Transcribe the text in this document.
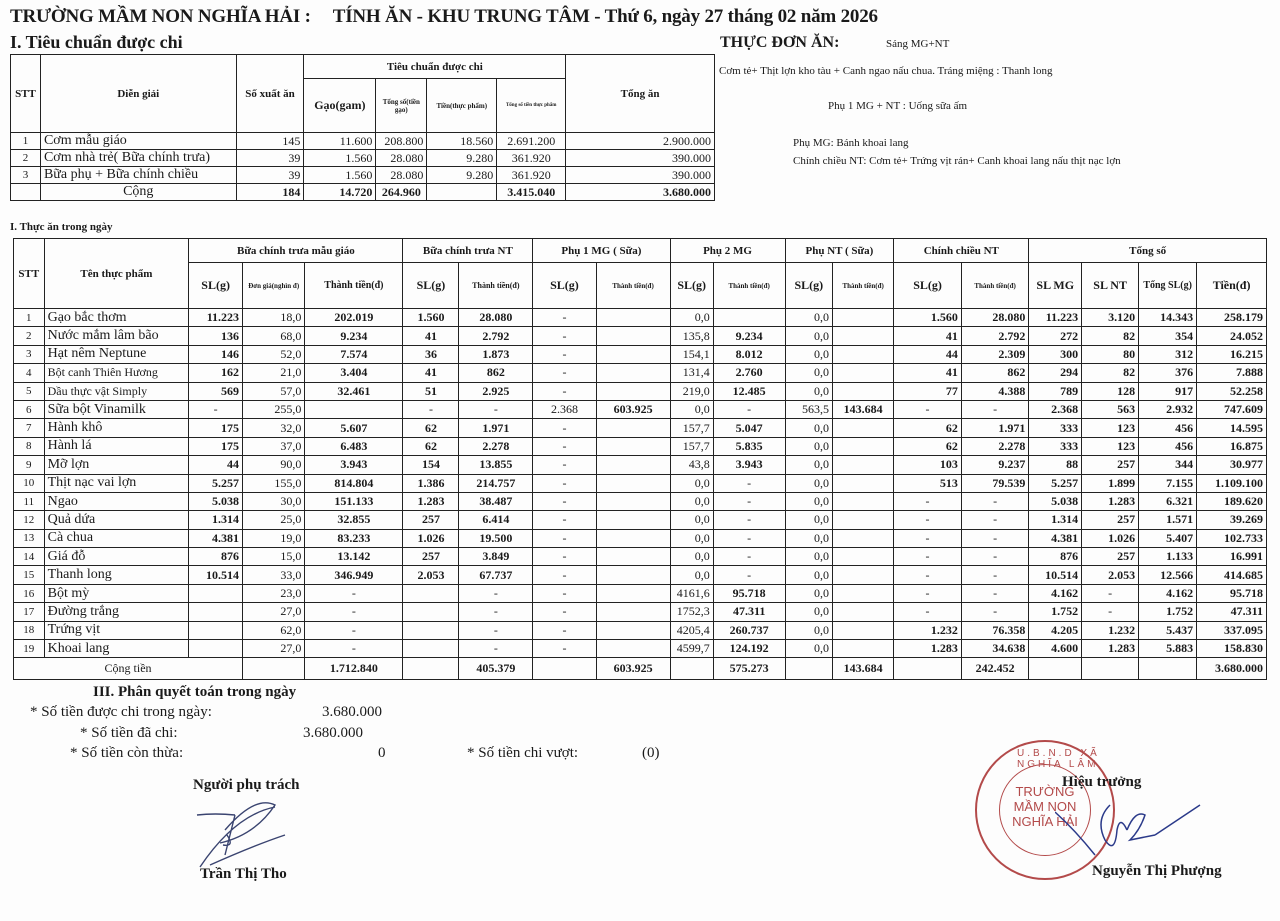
TRƯỜNG MẦM NON NGHĨA HẢI : TÍNH ĂN - KHU TRUNG TÂM - Thứ 6, ngày 27 tháng 02 năm 2026
I. Tiêu chuẩn được chi	THỰC ĐƠN ĂN:	Sáng MG+NT
Cơm tẻ+ Thịt lợn kho tàu + Canh ngao nấu chua. Tráng miệng : Thanh long
Phụ 1 MG + NT : Uống sữa ấm
Phụ MG: Bánh khoai lang
Chính chiều NT: Cơm tẻ+ Trứng vịt rán+ Canh khoai lang nấu thịt nạc lợn
STT	Diễn giải	Số xuất ăn	Tiêu chuẩn được chi				Tổng ăn
			Gạo(gam)	Tổng số(tiền gạo)	Tiền(thực phẩm)	Tổng số tiền thực phẩm	
1	Cơm mẫu giáo	145	11.600	208.800	18.560	2.691.200	2.900.000
2	Cơm nhà trẻ( Bữa chính trưa)	39	1.560	28.080	9.280	361.920	390.000
3	Bữa phụ + Bữa chính chiều	39	1.560	28.080	9.280	361.920	390.000
	Cộng	184	14.720	264.960		3.415.040	3.680.000
I. Thực ăn trong ngày
STT	Tên thực phẩm	Bữa chính trưa mẫu giáo			Bữa chính trưa NT		Phụ 1 MG ( Sữa)		Phụ 2 MG		Phụ NT ( Sữa)		Chính chiều NT		Tổng số			
		SL(g)	Đơn giá(nghìn đ)	Thành tiền(đ)	SL(g)	Thành tiền(đ)	SL(g)	Thành tiền(đ)	SL(g)	Thành tiền(đ)	SL(g)	Thành tiền(đ)	SL(g)	Thành tiền(đ)	SL MG	SL NT	Tổng SL(g)	Tiền(đ)
1	Gạo bắc thơm	11.223	18,0	202.019	1.560	28.080	-		0,0		0,0		1.560	28.080	11.223	3.120	14.343	258.179
2	Nước mắm lâm bão	136	68,0	9.234	41	2.792	-		135,8	9.234	0,0		41	2.792	272	82	354	24.052
3	Hạt nêm Neptune	146	52,0	7.574	36	1.873	-		154,1	8.012	0,0		44	2.309	300	80	312	16.215
4	Bột canh Thiên Hương	162	21,0	3.404	41	862	-		131,4	2.760	0,0		41	862	294	82	376	7.888
5	Dầu thực vật Simply	569	57,0	32.461	51	2.925	-		219,0	12.485	0,0		77	4.388	789	128	917	52.258
6	Sữa bột Vinamilk	-	255,0		-	-	2.368	603.925	0,0	-	563,5	143.684	-	-	2.368	563	2.932	747.609
7	Hành khô	175	32,0	5.607	62	1.971	-		157,7	5.047	0,0		62	1.971	333	123	456	14.595
8	Hành lá	175	37,0	6.483	62	2.278	-		157,7	5.835	0,0		62	2.278	333	123	456	16.875
9	Mỡ lợn	44	90,0	3.943	154	13.855	-		43,8	3.943	0,0		103	9.237	88	257	344	30.977
10	Thịt nạc vai lợn	5.257	155,0	814.804	1.386	214.757	-		0,0	-	0,0		513	79.539	5.257	1.899	7.155	1.109.100
11	Ngao	5.038	30,0	151.133	1.283	38.487	-		0,0	-	0,0		-	-	5.038	1.283	6.321	189.620
12	Quả dứa	1.314	25,0	32.855	257	6.414	-		0,0	-	0,0		-	-	1.314	257	1.571	39.269
13	Cà chua	4.381	19,0	83.233	1.026	19.500	-		0,0	-	0,0		-	-	4.381	1.026	5.407	102.733
14	Giá đỗ	876	15,0	13.142	257	3.849	-		0,0	-	0,0		-	-	876	257	1.133	16.991
15	Thanh long	10.514	33,0	346.949	2.053	67.737	-		0,0	-	0,0		-	-	10.514	2.053	12.566	414.685
16	Bột mỳ		23,0	-		-	-		4161,6	95.718	0,0		-	-	4.162	-	4.162	95.718
17	Đường trắng		27,0	-		-	-		1752,3	47.311	0,0		-	-	1.752	-	1.752	47.311
18	Trứng vịt		62,0	-		-	-		4205,4	260.737	0,0		1.232	76.358	4.205	1.232	5.437	337.095
19	Khoai lang		27,0	-		-	-		4599,7	124.192	0,0		1.283	34.638	4.600	1.283	5.883	158.830
Cộng tiền				1.712.840		405.379		603.925		575.273		143.684		242.452				3.680.000
III. Phân quyết toán trong ngày
* Số tiền được chi trong ngày:	3.680.000
* Số tiền đã chi:	3.680.000
* Số tiền còn thừa:	0	* Số tiền chi vượt:	(0)
Người phụ trách
Trần Thị Tho
U.B.N.D XÃ NGHĨA LÂM
TRƯỜNG
MẦM NON
NGHĨA HẢI
Hiệu trưởng
Nguyễn Thị Phượng
